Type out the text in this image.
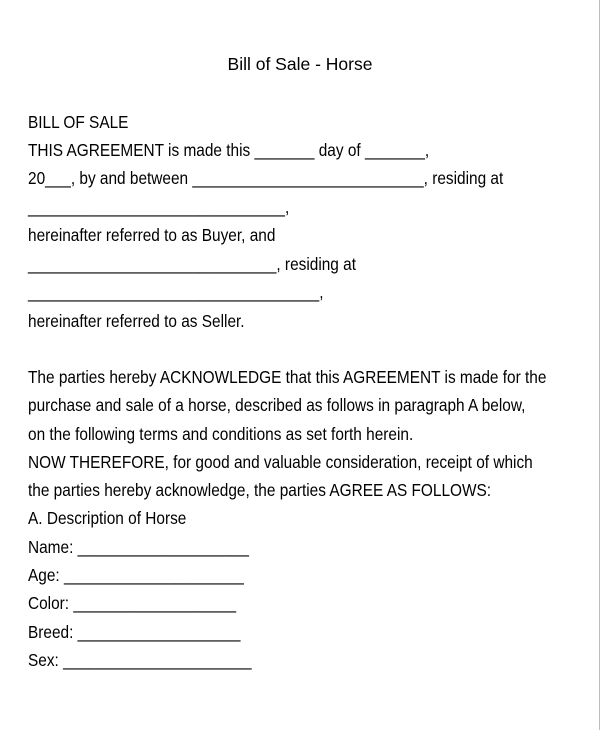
Bill of Sale - Horse
BILL OF SALE
THIS AGREEMENT is made this _______ day of _______,
20___, by and between ___________________________, residing at
______________________________,
hereinafter referred to as Buyer, and
_____________________________, residing at
__________________________________,
hereinafter referred to as Seller.
The parties hereby ACKNOWLEDGE that this AGREEMENT is made for the
purchase and sale of a horse, described as follows in paragraph A below,
on the following terms and conditions as set forth herein.
NOW THEREFORE, for good and valuable consideration, receipt of which
the parties hereby acknowledge, the parties AGREE AS FOLLOWS:
A. Description of Horse
Name: ____________________
Age: _____________________
Color: ___________________
Breed: ___________________
Sex: ______________________
